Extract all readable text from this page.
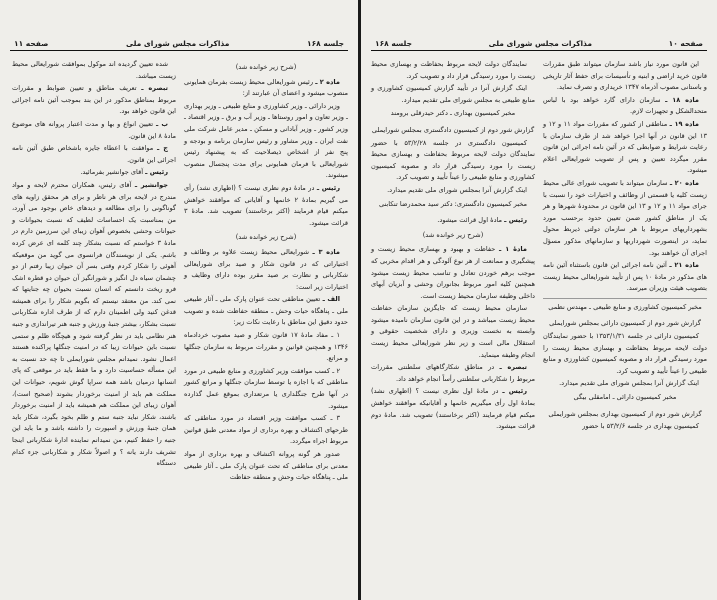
جلسه ۱۶۸
مذاکرات مجلس شورای ملی
صفحه ۱۱

(شرح زیر خوانده شد)

ماده ۲ ـ رئیس شورایعالی محیط زیست بفرمان همایونی منصوب میشود و اعضای آن عبارتند از:

وزیر دارائی ـ وزیر کشاورزی و منابع طبیعی ـ وزیر بهداری ـ وزیر تعاون و امور روستاها ـ وزیر آب و برق ـ وزیر اقتصاد ـ وزیر کشور ـ وزیر آبادانی و مسکن ـ مدیر عامل شرکت ملی نفت ایران ـ وزیر مشاور و رئیس سازمان برنامه و بودجه و پنج نفر از اشخاص ذیصلاحیت که به پیشنهاد رئیس شورایعالی با فرمان همایونی برای مدت پنجسال منصوب میشوند.

رئیس ـ در مادهٔ دوم نظری نیست ؟ (اظهاری نشد) رأی می گیریم بمادهٔ ۲ خانمها و آقایانی که موافقند خواهش میکنم قیام فرمایند (اکثر برخاستند) تصویب شد. مادهٔ ۳ قرائت میشود.

(شرح زیر خوانده شد)

ماده ۳ ـ شورایعالی محیط زیست علاوه بر وظائف و اختیاراتی که در قانون شکار و صید برای شورایعالی شکاربانی و نظارت بر صید مقرر بوده دارای وظایف و اختیارات زیر است:

الف ـ تعیین مناطقی تحت عنوان پارک ملی ـ آثار طبیعی ملی ـ پناهگاه حیات وحش ـ منطقه حفاظت شده و تصویب حدود دقیق این مناطق با رعایت نکات زیر:

۱ ـ مفاد مادهٔ ۱۷ قانون شکار و صید مصوب خردادماه ۱۳۴۶ و همچنین قوانین و مقررات مربوط به سازمان جنگلها و مراتع.

۲ ـ کسب موافقت وزیر کشاورزی و منابع طبیعی در مورد مناطقی که با اجازه یا توسط سازمان جنگلها و مراتع کشور در آنها طرح جنگلداری یا مرتعداری بموقع عمل گذارده میشود.

۳ ـ کسب موافقت وزیر اقتصاد در مورد مناطقی که طرحهای اکتشاف و بهره برداری از مواد معدنی طبق قوانین مربوط اجراء میگردد.

صدور هر گونه پروانه اکتشاف و بهره برداری از مواد معدنی برای مناطقی که تحت عنوان پارک ملی ـ آثار طبیعی ملی ـ پناهگاه حیات وحش و منطقه حفاظت

شده تعیین گردیده اند موکول بموافقت شورایعالی محیط زیست میباشد.

تبصره ـ تعریف مناطق و تعیین ضوابط و مقررات مربوط بمناطق مذکور در این بند بموجب آئین نامه اجرائی این قانون خواهد بود.

ب ـ تعیین انواع و بها و مدت اعتبار پروانه های موضوع مادهٔ ۸ این قانون.

ج ـ موافقت با اعطاء جایزه باشخاص طبق آئین نامه اجرائی این قانون.

رئیس ـ آقای جوانشیر بفرمائید.

جوانشیر ـ آقای رئیس، همکاران محترم لایحه و مواد مندرج در لایحه برای هر ناظر و برای هر محقق زاویه های گوناگونی را برای مطالعه و دیدهای خاص بوجود می آورد، من بمناسبت یک احساسات لطیف که نسبت بحیوانات و حیوانات وحشی بخصوص آهوان زیبای این سرزمین دارم در مادهٔ ۳ خواستم که نسبت بشکار چند کلمه ای عرض کرده باشم. یکی از نویسندگان فرانسوی می گوید من موقعیکه آهوئی را شکار کردم وقتی بسر آن حیوان زیبا رفتم از دو چشمان سیاه دل انگیز و شورانگیز آن حیوان دو قطره اشک فرو ریخت دانستم که انسان نسبت بحیوان چه جنایتها که نمی کند. من معتقد نیستم که بگویم شکار را برای همیشه قدغن کنید ولی اطمینان دارم که از طرف اداره شکاربانی نسبت بشکار، بیشتر جنبهٔ ورزش و جنبه هنر تیراندازی و جنبه هنر نظامی باید در نظر گرفته شود و هیچگاه ظلم و ستمی نسبت باین حیوانات زیبا که در امنیت جنگلها پراکنده هستند اعمال نشود. نمیدانم مجلس شورایملی تا چه حد نسبت به این مسأله حساسیت دارد و ما فقط باید در موقعی که پای انسانها درمیان باشد همه سراپا گوش شویم، حیوانات این مملکت هم باید از امنیت برخوردار بشوند (صحیح است)، آهوان زیبای این مملکت هم همیشه باید از امنیت برخوردار باشند، شکار نباید جنبه ستم و ظلم بخود بگیرد، شکار باید همان جنبهٔ ورزش و اسپورت را داشته باشد و ما باید این جنبه را حفظ کنیم، من نمیدانم نماینده ادارهٔ شکاربانی اینجا تشریف دارند یانه ؟ و اصولاً شکار و شکاربانی جزء کدام دستگاه

صفحه ۱۰
مذاکرات مجلس شورای ملی
جلسه ۱۶۸

این قانون مورد نیاز باشد سازمان میتواند طبق مقررات قانون خرید اراضی و ابنیه و تأسیسات برای حفظ آثار تاریخی و باستانی مصوب آذرماه ۱۳۴۷ خریداری و تصرف نماید.

ماده ۱۸ ـ سازمان دارای گارد خواهد بود با لباس متحدالشکل و تجهیزات لازم.

ماده ۱۹ ـ مناطقی از کشور که مقررات مواد ۱۱ و ۱۲ و ۱۳ این قانون در آنها اجرا خواهد شد از طرف سازمان با رعایت شرایط و ضوابطی که در آئین نامه اجرائی این قانون مقرر میگردد تعیین و پس از تصویب شورایعالی اعلام میشود.

ماده ۲۰ ـ سازمان میتواند با تصویب شورای عالی محیط زیست کلیه یا قسمتی از وظائف و اختیارات خود را نسبت با جرای مواد ۱۱ و ۱۲ و ۱۳ این قانون در محدودهٔ شهرها و هر یک از مناطق کشور ضمن تعیین حدود برحسب مورد بشهرداریهای مربوط یا هر سازمان دولتی ذیربط محول نماید، در اینصورت شهرداریها و سازمانهای مذکور مسؤل اجرای آن خواهند بود.

ماده ۲۱ ـ آئین نامه اجرائی این قانون باستثناء آئین نامه های مذکور در مادهٔ ۱۰ پس از تأیید شورایعالی محیط زیست بتصویب هیئت وزیران میرسد.

مخبر کمیسیون کشاورزی و منابع طبیعی ـ مهندس نظمی

گزارش شور دوم از کمیسیون دارائی بمجلس شورایملی

کمیسیون دارائی در جلسه ۱۳۵۳/۱/۳۱ با حضور نمایندگان دولت لایحه مربوط بحفاظت و بهسازی محیط زیست را مورد رسیدگی قرار داد و مصوبه کمیسیون کشاورزی و منابع طبیعی را عیناً تأیید و تصویب کرد.

اینک گزارش آنرا بمجلس شورای ملی تقدیم میدارد.

مخبر کمیسیون دارائی ـ امامقلی بیگی

گزارش شور دوم از کمیسیون بهداری بمجلس شورایملی

کمیسیون بهداری در جلسه ۵۳/۲/۶ با حضور

نمایندگان دولت لایحه مربوط بحفاظت و بهسازی محیط زیست را مورد رسیدگی قرار داد و تصویب کرد.

اینک گزارش آنرا در تأیید گزارش کمیسیون کشاورزی و منابع طبیعی به مجلس شورای ملی تقدیم میدارد.

مخبر کمیسیون بهداری ـ دکتر حیدرقلی برومند

گزارش شور دوم از کمیسیون دادگستری بمجلس شورایملی

کمیسیون دادگستری در جلسه ۵۳/۲/۲۸ با حضور نمایندگان دولت لایحه مربوط بحفاظت و بهسازی محیط زیست را مورد رسیدگی قرار داد و مصوبه کمیسیون کشاورزی و منابع طبیعی را عیناً تأیید و تصویب کرد.

اینک گزارش آنرا بمجلس شورای ملی تقدیم میدارد.

مخبر کمیسیون دادگستری: دکتر سید محمدرضا تنکابنی

رئیس ـ مادهٔ اول قرائت میشود.

(شرح زیر خوانده شد)

مادهٔ ۱ ـ حفاظت و بهبود و بهسازی محیط زیست و پیشگیری و ممانعت از هر نوع آلودگی و هر اقدام مخربی که موجب برهم خوردن تعادل و تناسب محیط زیست میشود همچنین کلیه امور مربوط بجانوران وحشی و آبزیان آبهای داخلی وظیفه سازمان محیط زیست است.

سازمان محیط زیست که جایگزین سازمان حفاظت محیط زیست میباشد و در این قانون سازمان نامیده میشود وابسته به نخست وزیری و دارای شخصیت حقوقی و استقلال مالی است و زیر نظر شورایعالی محیط زیست انجام وظیفه مینماید.

تبصره ـ در مناطق شکارگاههای سلطنتی مقررات مربوط را شکاربانی سلطنتی رأساً انجام خواهد داد.

رئیس ـ در مادهٔ اول نظری نیست ؟ (اظهاری نشد) بمادهٔ اول رأی میگیریم خانمها و آقایانیکه موافقند خواهش میکنم قیام فرمایند (اکثر برخاستند) تصویب شد. مادهٔ دوم قرائت میشود.
